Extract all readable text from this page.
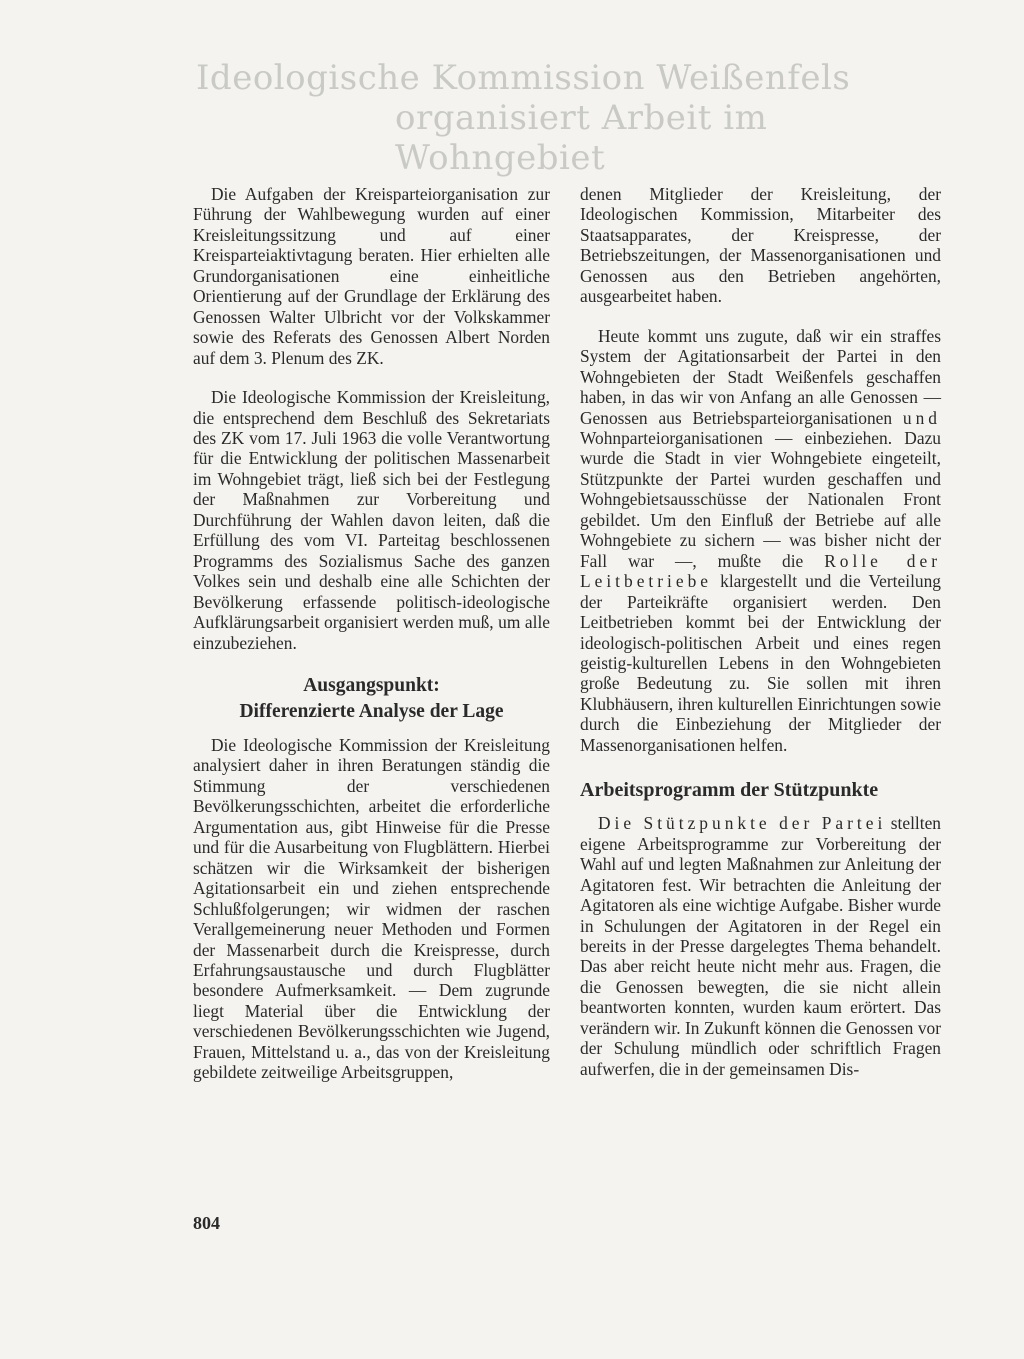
Ideologische Kommission Weißenfels
organisiert Arbeit im Wohngebiet

Die Aufgaben der Kreisparteiorganisation zur Führung der Wahlbewegung wurden auf einer Kreisleitungssitzung und auf einer Kreisparteiaktivtagung beraten. Hier erhielten alle Grundorganisationen eine einheitliche Orientierung auf der Grundlage der Erklärung des Genossen Walter Ulbricht vor der Volkskammer sowie des Referats des Genossen Albert Norden auf dem 3. Plenum des ZK.

Die Ideologische Kommission der Kreisleitung, die entsprechend dem Beschluß des Sekretariats des ZK vom 17. Juli 1963 die volle Verantwortung für die Entwicklung der politischen Massenarbeit im Wohngebiet trägt, ließ sich bei der Festlegung der Maßnahmen zur Vorbereitung und Durchführung der Wahlen davon leiten, daß die Erfüllung des vom VI. Parteitag beschlossenen Programms des Sozialismus Sache des ganzen Volkes sein und deshalb eine alle Schichten der Bevölkerung erfassende politisch-ideologische Aufklärungsarbeit organisiert werden muß, um alle einzubeziehen.

Ausgangspunkt:
Differenzierte Analyse der Lage

Die Ideologische Kommission der Kreisleitung analysiert daher in ihren Beratungen ständig die Stimmung der verschiedenen Bevölkerungsschichten, arbeitet die erforderliche Argumentation aus, gibt Hinweise für die Presse und für die Ausarbeitung von Flugblättern. Hierbei schätzen wir die Wirksamkeit der bisherigen Agitationsarbeit ein und ziehen entsprechende Schlußfolgerungen; wir widmen der raschen Verallgemeinerung neuer Methoden und Formen der Massenarbeit durch die Kreispresse, durch Erfahrungsaustausche und durch Flugblätter besondere Aufmerksamkeit. — Dem zugrunde liegt Material über die Entwicklung der verschiedenen Bevölkerungsschichten wie Jugend, Frauen, Mittelstand u. a., das von der Kreisleitung gebildete zeitweilige Arbeitsgruppen,

denen Mitglieder der Kreisleitung, der Ideologischen Kommission, Mitarbeiter des Staatsapparates, der Kreispresse, der Betriebszeitungen, der Massenorganisationen und Genossen aus den Betrieben angehörten, ausgearbeitet haben.

Heute kommt uns zugute, daß wir ein straffes System der Agitationsarbeit der Partei in den Wohngebieten der Stadt Weißenfels geschaffen haben, in das wir von Anfang an alle Genossen — Genossen aus Betriebsparteiorganisationen und Wohnparteiorganisationen — einbeziehen. Dazu wurde die Stadt in vier Wohngebiete eingeteilt, Stützpunkte der Partei wurden geschaffen und Wohngebietsausschüsse der Nationalen Front gebildet. Um den Einfluß der Betriebe auf alle Wohngebiete zu sichern — was bisher nicht der Fall war —, mußte die Rolle der Leitbetriebe klargestellt und die Verteilung der Parteikräfte organisiert werden. Den Leitbetrieben kommt bei der Entwicklung der ideologisch-politischen Arbeit und eines regen geistig-kulturellen Lebens in den Wohngebieten große Bedeutung zu. Sie sollen mit ihren Klubhäusern, ihren kulturellen Einrichtungen sowie durch die Einbeziehung der Mitglieder der Massenorganisationen helfen.

Arbeitsprogramm der Stützpunkte

Die Stützpunkte der Partei stellten eigene Arbeitsprogramme zur Vorbereitung der Wahl auf und legten Maßnahmen zur Anleitung der Agitatoren fest. Wir betrachten die Anleitung der Agitatoren als eine wichtige Aufgabe. Bisher wurde in Schulungen der Agitatoren in der Regel ein bereits in der Presse dargelegtes Thema behandelt. Das aber reicht heute nicht mehr aus. Fragen, die die Genossen bewegten, die sie nicht allein beantworten konnten, wurden kaum erörtert. Das verändern wir. In Zukunft können die Genossen vor der Schulung mündlich oder schriftlich Fragen aufwerfen, die in der gemeinsamen Dis-

804
